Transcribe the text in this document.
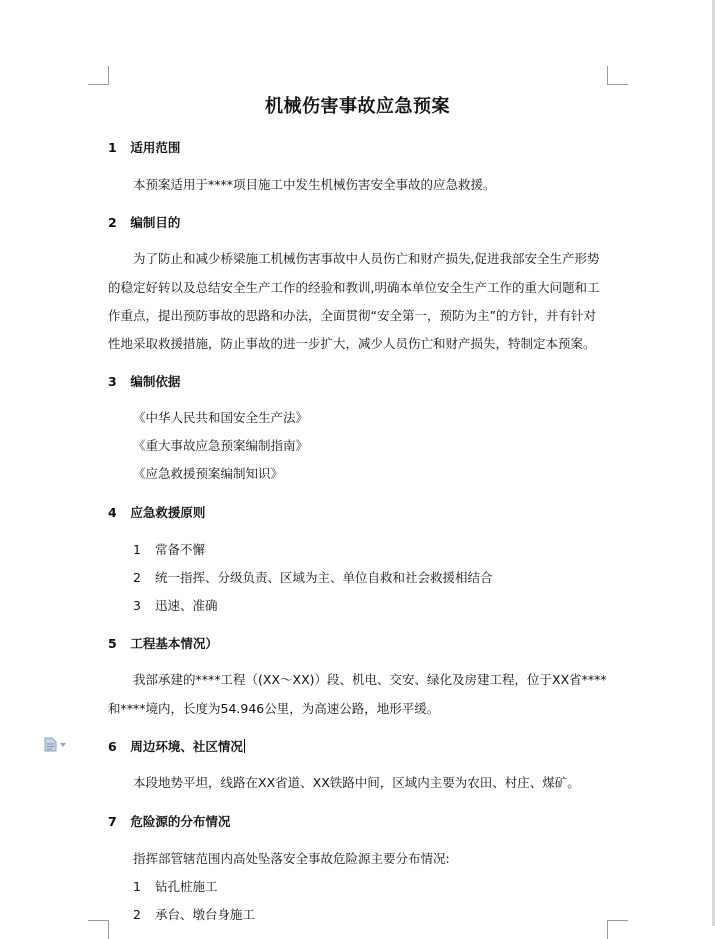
机械伤害事故应急预案
1 适用范围
本预案适用于****项目施工中发生机械伤害安全事故的应急救援。
2 编制目的
为了防止和减少桥梁施工机械伤害事故中人员伤亡和财产损失,促进我部安全生产形势
的稳定好转以及总结安全生产工作的经验和教训,明确本单位安全生产工作的重大问题和工
作重点，提出预防事故的思路和办法，全面贯彻“安全第一，预防为主”的方针，并有针对
性地采取救援措施，防止事故的进一步扩大，减少人员伤亡和财产损失，特制定本预案。
3 编制依据
《中华人民共和国安全生产法》
《重大事故应急预案编制指南》
《应急救援预案编制知识》
4 应急救援原则
1 常备不懈
2 统一指挥、分级负责、区域为主、单位自救和社会救援相结合
3 迅速、准确
5 工程基本情况）
我部承建的****工程（(XX～XX)）段、机电、交安、绿化及房建工程，位于XX省****
和****境内，长度为54.946公里，为高速公路，地形平缓。
6 周边环境、社区情况
本段地势平坦，线路在XX省道、XX铁路中间，区域内主要为农田、村庄、煤矿。
7 危险源的分布情况
指挥部管辖范围内高处坠落安全事故危险源主要分布情况:
1 钻孔桩施工
2 承台、墩台身施工
